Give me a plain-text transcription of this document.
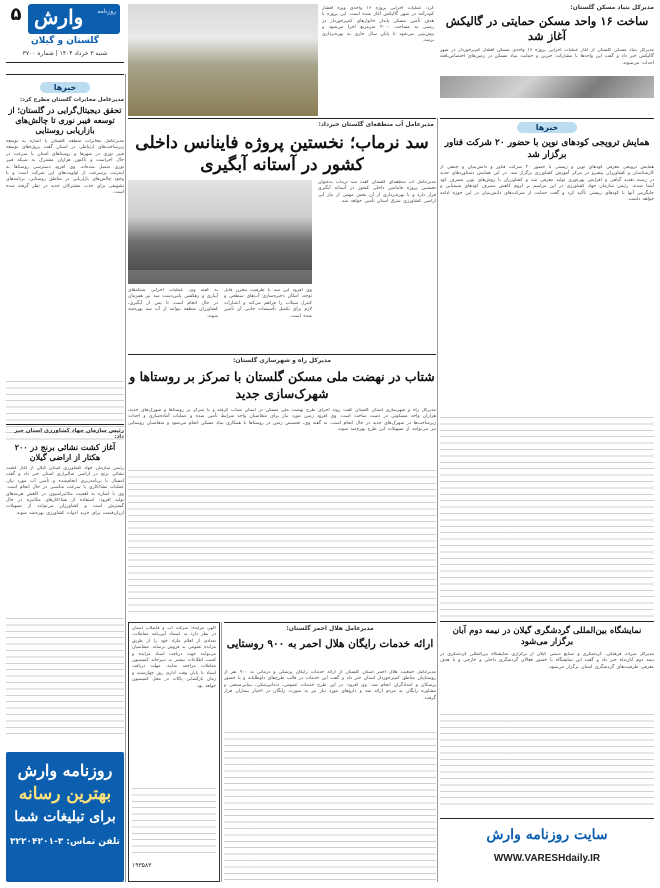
۵ وارش روزنامه
گلستان و گیلان
شنبه ۳ خرداد ۱۴۰۴ | شماره ۳۷۰۰
کرد: عملیات اجرایی پروژه ۱۶ واحدی ویژه اقشار کم‌درآمد در شهر گالیکش آغاز شده است. این پروژه با هدف تأمین مسکن پایدار خانوارهای کم‌برخوردار در زمینی به مساحت ۲۰۰۰ مترمربع اجرا می‌شود و پیش‌بینی می‌شود تا پایان سال جاری به بهره‌برداری برسد.
مدیرکل بنیاد مسکن گلستان:
ساخت ۱۶ واحد مسکن حمایتی در گالیکش آغاز شد
مدیرکل بنیاد مسکن گلستان از آغاز عملیات اجرایی پروژه ۱۶ واحدی مسکن اقشار کم‌برخوردار در شهر گالیکش خبر داد و گفت این واحدها با مشارکت خیرین و حمایت بنیاد مسکن در زمین‌های اختصاص‌یافته احداث می‌شوند.
خبرها
مدیرعامل مخابرات گلستان مطرح کرد:
تحقق دیجیتال‌گرایی در گلستان؛ از توسعه فیبر نوری تا چالش‌های بازاریابی روستایی
مدیرعامل مخابرات منطقه گلستان با اشاره به توسعه زیرساخت‌های ارتباطی در استان گفت پروژه‌های توسعه فیبر نوری در شهرها و روستاهای استان با سرعت در حال اجراست و تاکنون هزاران مشترک به شبکه فیبر نوری متصل شده‌اند. وی افزود دسترسی روستاها به اینترنت پرسرعت از اولویت‌های این شرکت است و با وجود چالش‌های بازاریابی در مناطق روستایی، برنامه‌های تشویقی برای جذب مشترکان جدید در نظر گرفته شده است.
رئیس سازمان جهاد کشاورزی استان خبر داد:
آغاز کشت نشائی برنج در ۲۰۰ هکتار از اراضی گیلان
رئیس سازمان جهاد کشاورزی استان گیلان از آغاز کشت نشائی برنج در اراضی شالیزاری استان خبر داد و گفت امسال با برنامه‌ریزی انجام‌شده و تأمین آب مورد نیاز، عملیات نشاءکاری با سرعت مناسبی در حال انجام است. وی با اشاره به اهمیت مکانیزاسیون در کاهش هزینه‌های تولید افزود: استفاده از نشاءکارهای مکانیزه در حال گسترش است و کشاورزان می‌توانند از تسهیلات ارزان‌قیمت برای خرید ادوات کشاورزی بهره‌مند شوند.
روزنامه وارش
بهترین رسانه
برای تبلیغات شما
تلفن تماس: ۳-۳۲۲۰۴۲۰۱
مدیرعامل آب منطقه‌ای گلستان خبرداد:
سد نرماب؛ نخستین پروژه فاینانس داخلی کشور در آستانه آبگیری
مدیرعامل آب منطقه‌ای گلستان گفت سد نرماب به‌عنوان نخستین پروژه فاینانس داخلی کشور در آستانه آبگیری قرار دارد و با بهره‌برداری از آن بخش مهمی از نیاز آبی اراضی کشاورزی شرق استان تأمین خواهد شد.
وی افزود این سد با ظرفیت مخزن قابل توجه، امکان ذخیره‌سازی آب‌های سطحی و کنترل سیلاب را فراهم می‌کند و اعتبارات لازم برای تکمیل تأسیسات جانبی آن تأمین شده است.
به گفته وی، عملیات اجرایی شبکه‌های آبیاری و زهکشی پایین‌دست سد نیز همزمان در حال انجام است تا پس از آبگیری، کشاورزان منطقه بتوانند از آب سد بهره‌مند شوند.
خبرها
همایش ترویجی کودهای نوین با حضور ۲۰ شرکت فناور برگزار شد
همایش ترویجی معرفی کودهای نوین و زیستی با حضور ۲۰ شرکت فناور و دانش‌بنیان و جمعی از کارشناسان و کشاورزان پیشرو در مرکز آموزش کشاورزی برگزار شد. در این همایش دستاوردهای جدید در زمینه تغذیه گیاهی و افزایش بهره‌وری تولید معرفی شد و کشاورزان با روش‌های نوین مصرف کود آشنا شدند. رئیس سازمان جهاد کشاورزی در این مراسم بر لزوم کاهش مصرف کودهای شیمیایی و جایگزینی آنها با کودهای زیستی تأکید کرد و گفت حمایت از شرکت‌های دانش‌بنیان در این حوزه ادامه خواهد داشت.
نمایشگاه بین‌المللی گردشگری گیلان در نیمه دوم آبان برگزار می‌شود
مدیرکل میراث فرهنگی، گردشگری و صنایع دستی گیلان از برگزاری نمایشگاه بین‌المللی گردشگری در نیمه دوم آبان‌ماه خبر داد و گفت این نمایشگاه با حضور فعالان گردشگری داخلی و خارجی و با هدف معرفی ظرفیت‌های گردشگری استان برگزار می‌شود.
سایت روزنامه وارش
WWW.VARESHdaily.IR
مدیرکل راه و شهرسازی گلستان:
شتاب در نهضت ملی مسکن گلستان با تمرکز بر روستاها و شهرک‌سازی جدید
مدیرکل راه و شهرسازی استان گلستان گفت روند اجرای طرح نهضت ملی مسکن در استان شتاب گرفته و با تمرکز بر روستاها و شهرک‌های جدید، هزاران واحد مسکونی در دست ساخت است. وی افزود زمین مورد نیاز برای متقاضیان واجد شرایط تأمین شده و عملیات آماده‌سازی و احداث زیرساخت‌ها در شهرک‌های جدید در حال انجام است. به گفته وی، تخصیص زمین در روستاها با همکاری بنیاد مسکن انجام می‌شود و متقاضیان روستایی نیز می‌توانند از تسهیلات این طرح بهره‌مند شوند.
مدیرعامل هلال احمر گلستان:
ارائه خدمات رایگان هلال احمر به ۹۰۰ روستایی
مدیرعامل جمعیت هلال احمر استان گلستان از ارائه خدمات رایگان پزشکی و درمانی به ۹۰۰ نفر از روستاییان مناطق کم‌برخوردار استان خبر داد و گفت این خدمات در قالب طرح‌های داوطلبانه و با حضور پزشکان و امدادگران انجام شد. وی افزود: در این طرح خدمات عمومی، دندانپزشکی، بینایی‌سنجی و مشاوره رایگان به مردم ارائه شد و داروهای مورد نیاز نیز به صورت رایگان در اختیار بیماران قرار گرفت.
آگهی مزایده: شرکت آب و فاضلاب استان در نظر دارد به استناد آیین‌نامه معاملات، تعدادی از اقلام مازاد خود را از طریق مزایده عمومی به فروش برساند. متقاضیان می‌توانند جهت دریافت اسناد مزایده و کسب اطلاعات بیشتر به دبیرخانه کمیسیون معاملات مراجعه نمایند. مهلت دریافت اسناد تا پایان وقت اداری روز چهارشنبه و زمان بازگشایی پاکات در محل کمیسیون خواهد بود.
۱۹۳۵۸۳
